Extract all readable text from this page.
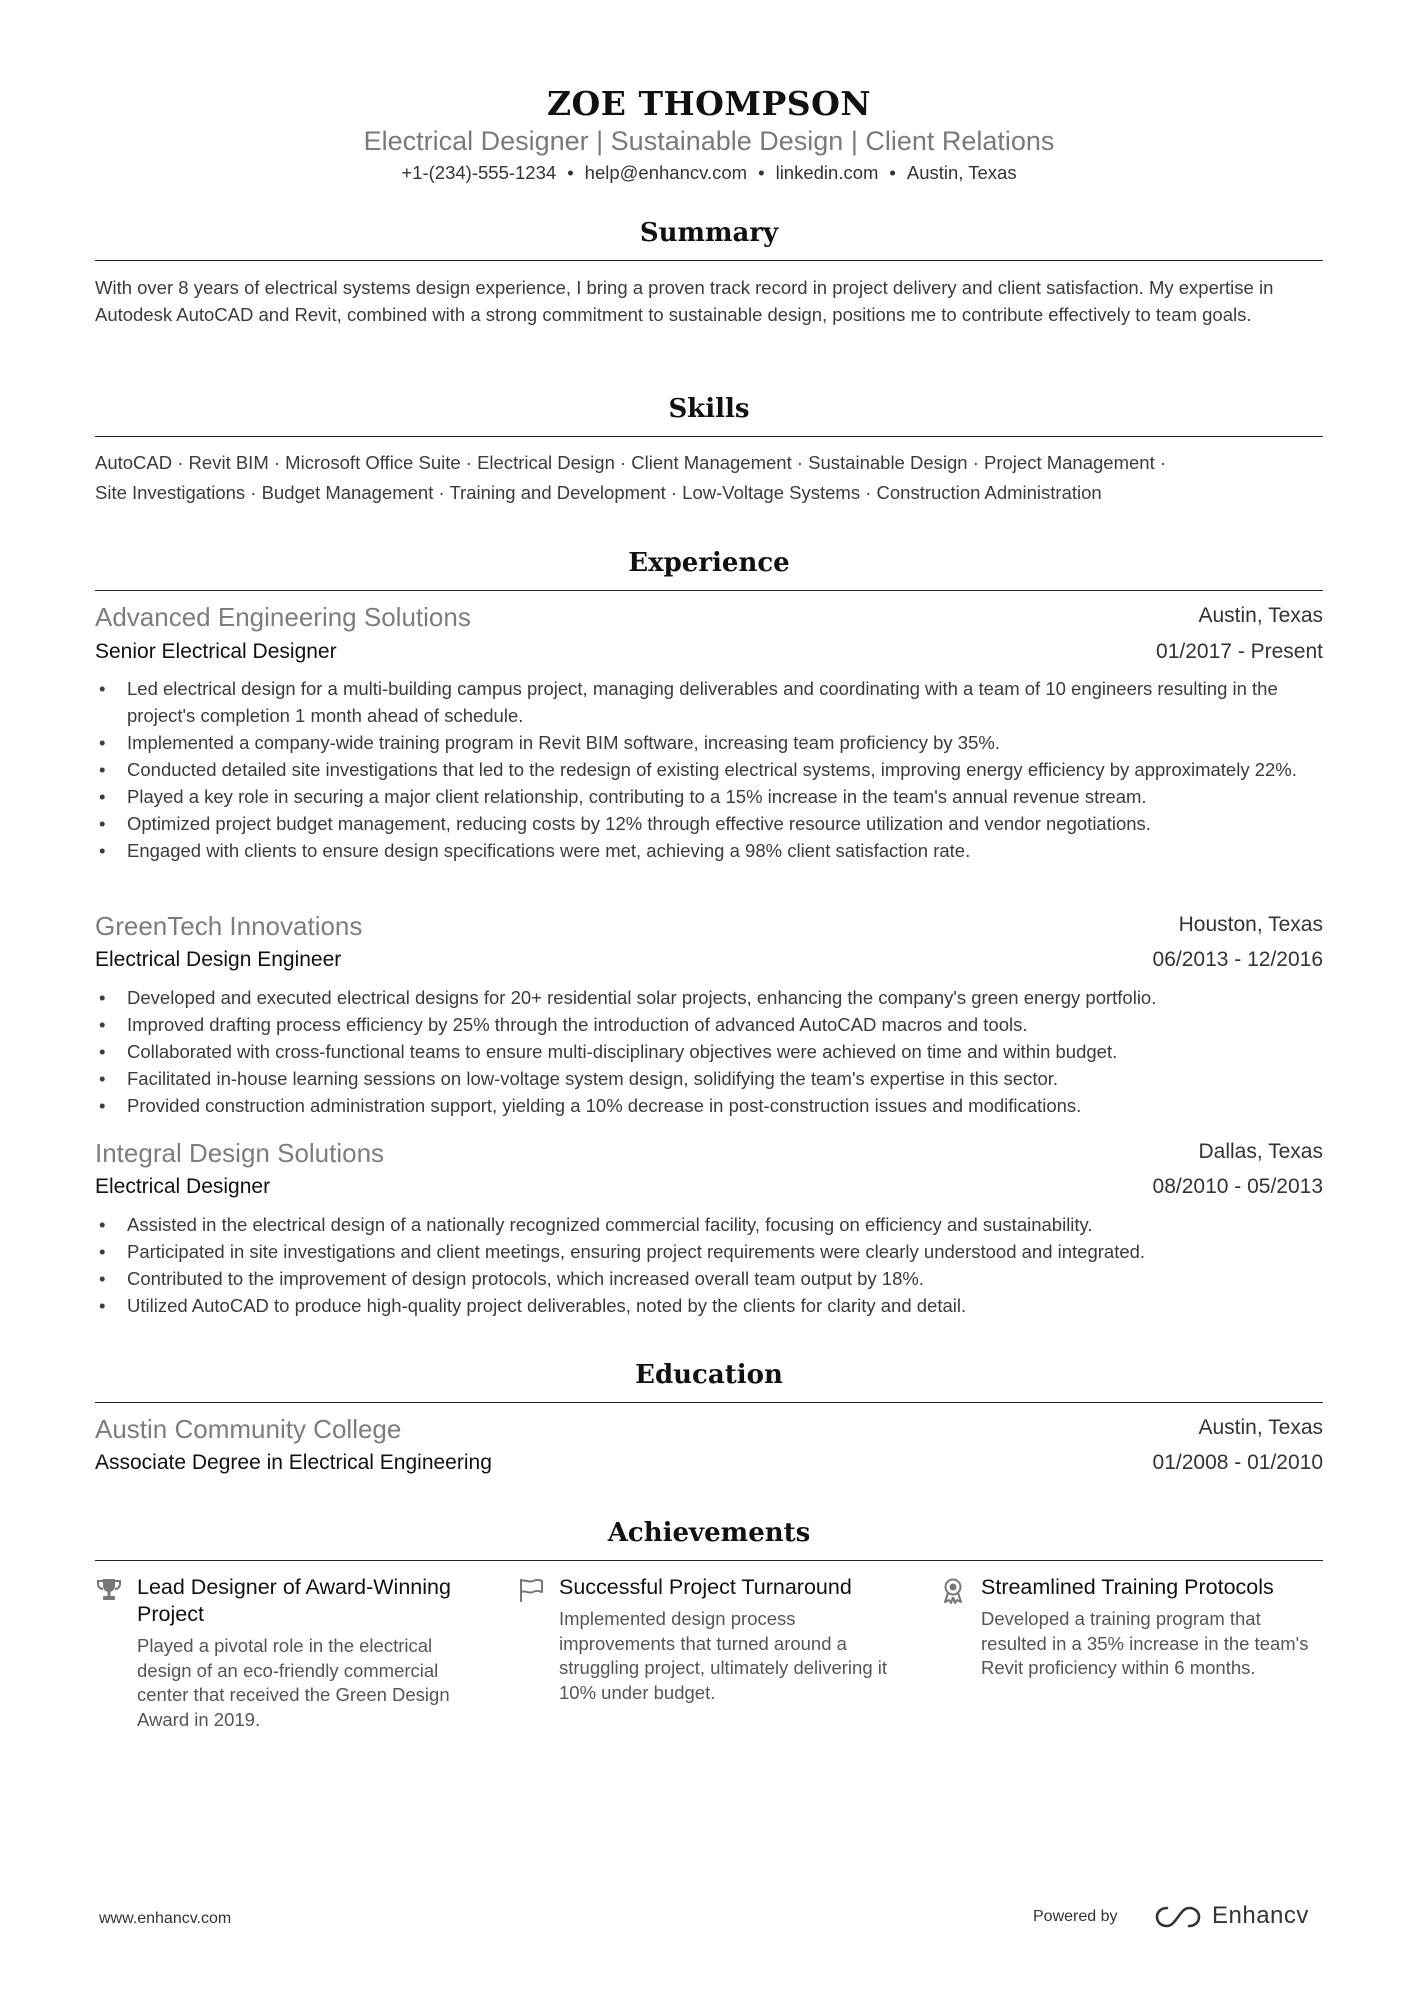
ZOE THOMPSON
Electrical Designer | Sustainable Design | Client Relations
+1-(234)-555-1234 • help@enhancv.com • linkedin.com • Austin, Texas
Summary
With over 8 years of electrical systems design experience, I bring a proven track record in project delivery and client satisfaction. My expertise in Autodesk AutoCAD and Revit, combined with a strong commitment to sustainable design, positions me to contribute effectively to team goals.
Skills
AutoCAD · Revit BIM · Microsoft Office Suite · Electrical Design · Client Management · Sustainable Design · Project Management ·
Site Investigations · Budget Management · Training and Development · Low-Voltage Systems · Construction Administration
Experience
Advanced Engineering Solutions	Austin, Texas
Senior Electrical Designer	01/2017 - Present
• Led electrical design for a multi-building campus project, managing deliverables and coordinating with a team of 10 engineers resulting in the project's completion 1 month ahead of schedule.
• Implemented a company-wide training program in Revit BIM software, increasing team proficiency by 35%.
• Conducted detailed site investigations that led to the redesign of existing electrical systems, improving energy efficiency by approximately 22%.
• Played a key role in securing a major client relationship, contributing to a 15% increase in the team's annual revenue stream.
• Optimized project budget management, reducing costs by 12% through effective resource utilization and vendor negotiations.
• Engaged with clients to ensure design specifications were met, achieving a 98% client satisfaction rate.
GreenTech Innovations	Houston, Texas
Electrical Design Engineer	06/2013 - 12/2016
• Developed and executed electrical designs for 20+ residential solar projects, enhancing the company's green energy portfolio.
• Improved drafting process efficiency by 25% through the introduction of advanced AutoCAD macros and tools.
• Collaborated with cross-functional teams to ensure multi-disciplinary objectives were achieved on time and within budget.
• Facilitated in-house learning sessions on low-voltage system design, solidifying the team's expertise in this sector.
• Provided construction administration support, yielding a 10% decrease in post-construction issues and modifications.
Integral Design Solutions	Dallas, Texas
Electrical Designer	08/2010 - 05/2013
• Assisted in the electrical design of a nationally recognized commercial facility, focusing on efficiency and sustainability.
• Participated in site investigations and client meetings, ensuring project requirements were clearly understood and integrated.
• Contributed to the improvement of design protocols, which increased overall team output by 18%.
• Utilized AutoCAD to produce high-quality project deliverables, noted by the clients for clarity and detail.
Education
Austin Community College	Austin, Texas
Associate Degree in Electrical Engineering	01/2008 - 01/2010
Achievements
Lead Designer of Award-Winning Project
Played a pivotal role in the electrical design of an eco-friendly commercial center that received the Green Design Award in 2019.
Successful Project Turnaround
Implemented design process improvements that turned around a struggling project, ultimately delivering it 10% under budget.
Streamlined Training Protocols
Developed a training program that resulted in a 35% increase in the team's Revit proficiency within 6 months.
www.enhancv.com	Powered by	Enhancv
